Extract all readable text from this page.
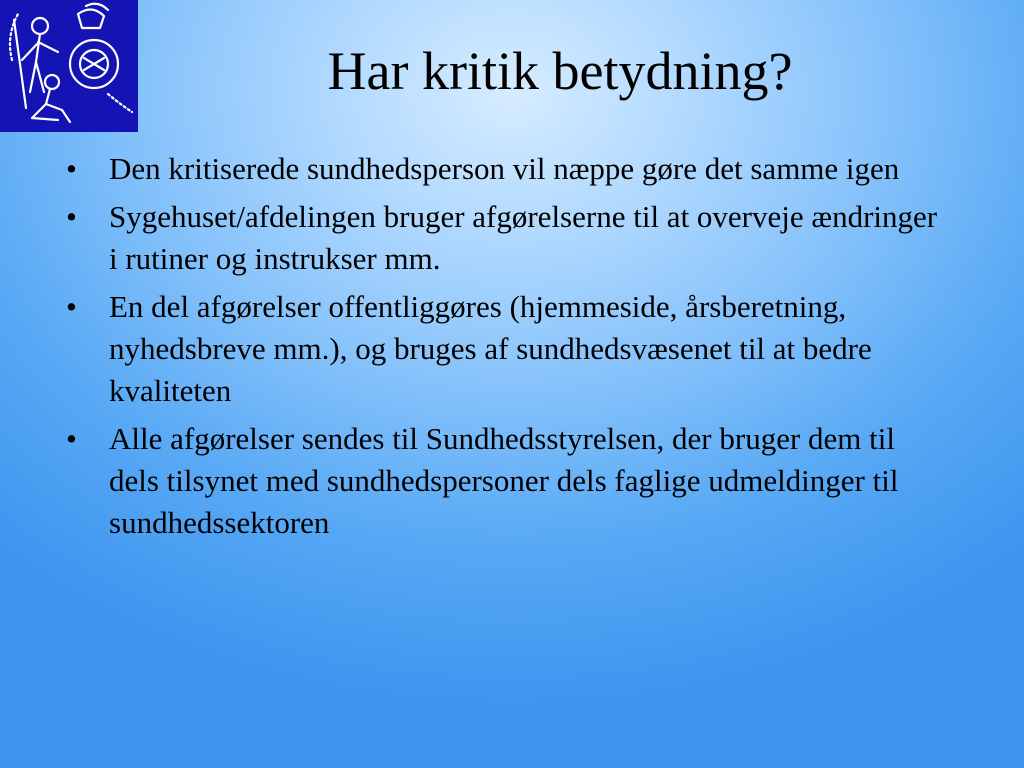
Har kritik betydning?
•	Den kritiserede sundhedsperson vil næppe gøre det samme igen
•	Sygehuset/afdelingen bruger afgørelserne til at overveje ændringer i rutiner og instrukser mm.
•	En del afgørelser offentliggøres (hjemmeside, årsberetning, nyhedsbreve mm.), og bruges af sundhedsvæsenet til at bedre kvaliteten
•	Alle afgørelser sendes til Sundhedsstyrelsen, der bruger dem til dels tilsynet med sundhedspersoner dels faglige udmeldinger til sundhedssektoren
